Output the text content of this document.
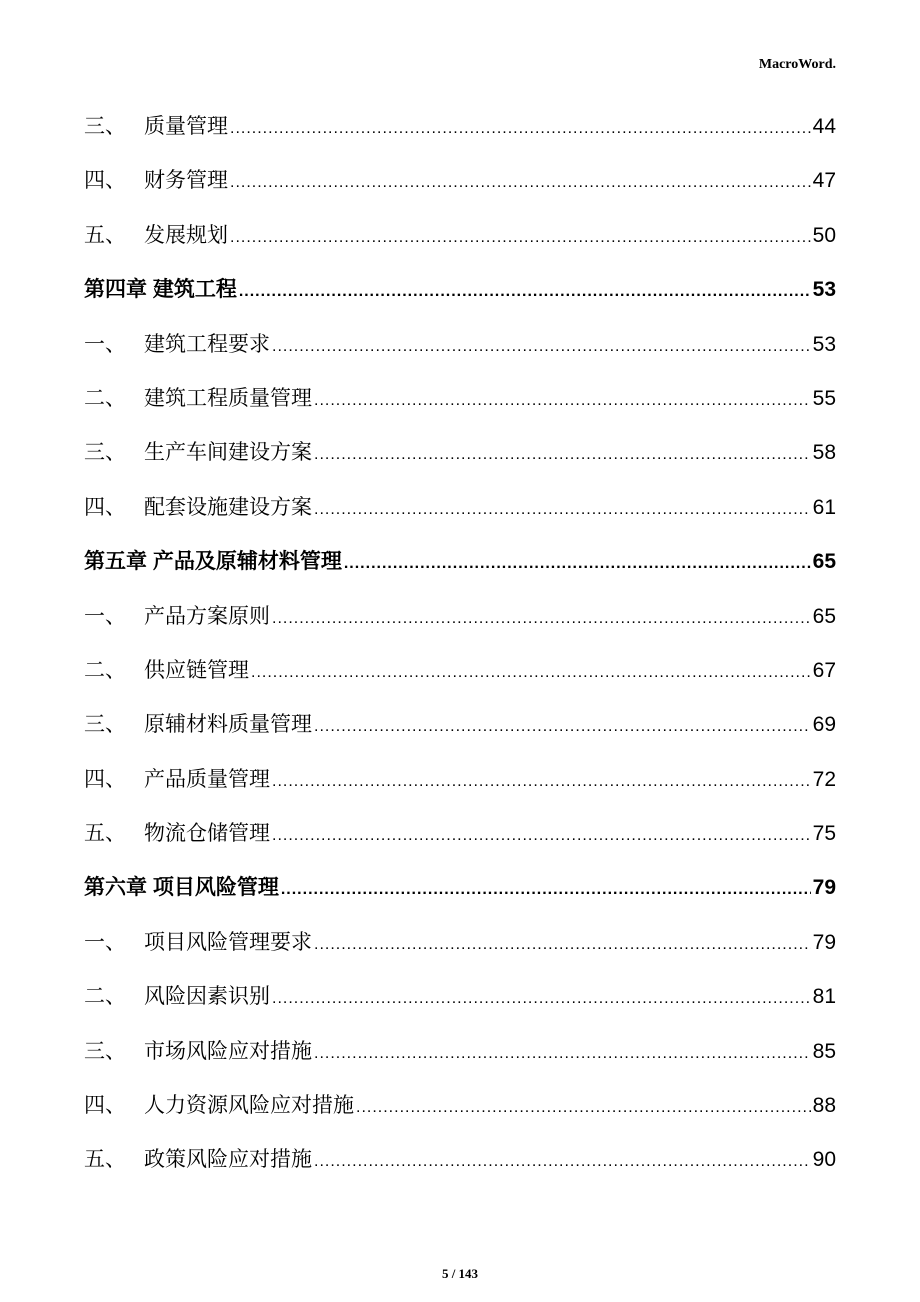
MacroWord.
三、 质量管理 .....	44
四、 财务管理 .....	47
五、 发展规划 .....	50
第四章 建筑工程 .....	53
一、 建筑工程要求 .....	53
二、 建筑工程质量管理 .....	55
三、 生产车间建设方案 .....	58
四、 配套设施建设方案 .....	61
第五章 产品及原辅材料管理 .....	65
一、 产品方案原则 .....	65
二、 供应链管理 .....	67
三、 原辅材料质量管理 .....	69
四、 产品质量管理 .....	72
五、 物流仓储管理 .....	75
第六章 项目风险管理 .....	79
一、 项目风险管理要求 .....	79
二、 风险因素识别 .....	81
三、 市场风险应对措施 .....	85
四、 人力资源风险应对措施 .....	88
五、 政策风险应对措施 .....	90
5 / 143
